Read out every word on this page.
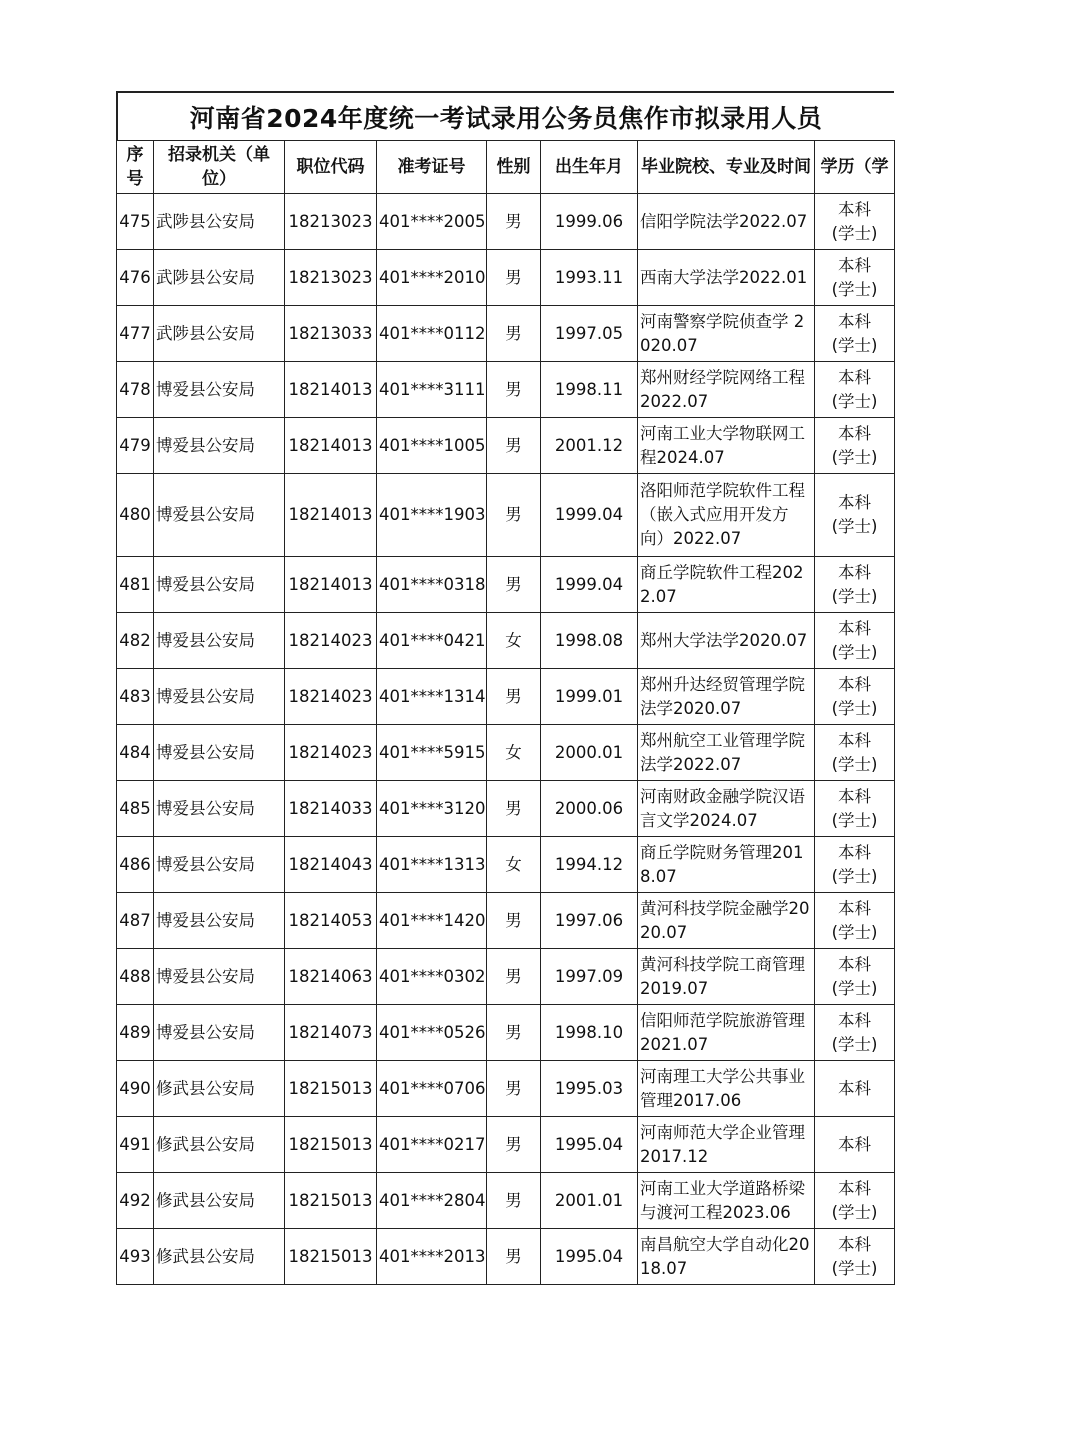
河南省2024年度统一考试录用公务员焦作市拟录用人员
序号	招录机关（单位）	职位代码	准考证号	性别	出生年月	毕业院校、专业及时间	学历（学
475	武陟县公安局	18213023	401****2005	男	1999.06	信阳学院法学2022.07	本科
(学士)

476	武陟县公安局	18213023	401****2010	男	1993.11	西南大学法学2022.01	本科
(学士)

477	武陟县公安局	18213033	401****0112	男	1997.05	河南警察学院侦查学 2020.07	本科
(学士)

478	博爱县公安局	18214013	401****3111	男	1998.11	郑州财经学院网络工程2022.07	本科
(学士)

479	博爱县公安局	18214013	401****1005	男	2001.12	河南工业大学物联网工程2024.07	本科
(学士)

480	博爱县公安局	18214013	401****1903	男	1999.04	洛阳师范学院软件工程（嵌入式应用开发方向）2022.07	本科
(学士)

481	博爱县公安局	18214013	401****0318	男	1999.04	商丘学院软件工程2022.07	本科
(学士)

482	博爱县公安局	18214023	401****0421	女	1998.08	郑州大学法学2020.07	本科
(学士)

483	博爱县公安局	18214023	401****1314	男	1999.01	郑州升达经贸管理学院法学2020.07	本科
(学士)

484	博爱县公安局	18214023	401****5915	女	2000.01	郑州航空工业管理学院法学2022.07	本科
(学士)

485	博爱县公安局	18214033	401****3120	男	2000.06	河南财政金融学院汉语言文学2024.07	本科
(学士)

486	博爱县公安局	18214043	401****1313	女	1994.12	商丘学院财务管理2018.07	本科
(学士)

487	博爱县公安局	18214053	401****1420	男	1997.06	黄河科技学院金融学2020.07	本科
(学士)

488	博爱县公安局	18214063	401****0302	男	1997.09	黄河科技学院工商管理2019.07	本科
(学士)

489	博爱县公安局	18214073	401****0526	男	1998.10	信阳师范学院旅游管理2021.07	本科
(学士)

490	修武县公安局	18215013	401****0706	男	1995.03	河南理工大学公共事业管理2017.06	本科

491	修武县公安局	18215013	401****0217	男	1995.04	河南师范大学企业管理2017.12	本科

492	修武县公安局	18215013	401****2804	男	2001.01	河南工业大学道路桥梁与渡河工程2023.06	本科
(学士)

493	修武县公安局	18215013	401****2013	男	1995.04	南昌航空大学自动化2018.07	本科
(学士)
